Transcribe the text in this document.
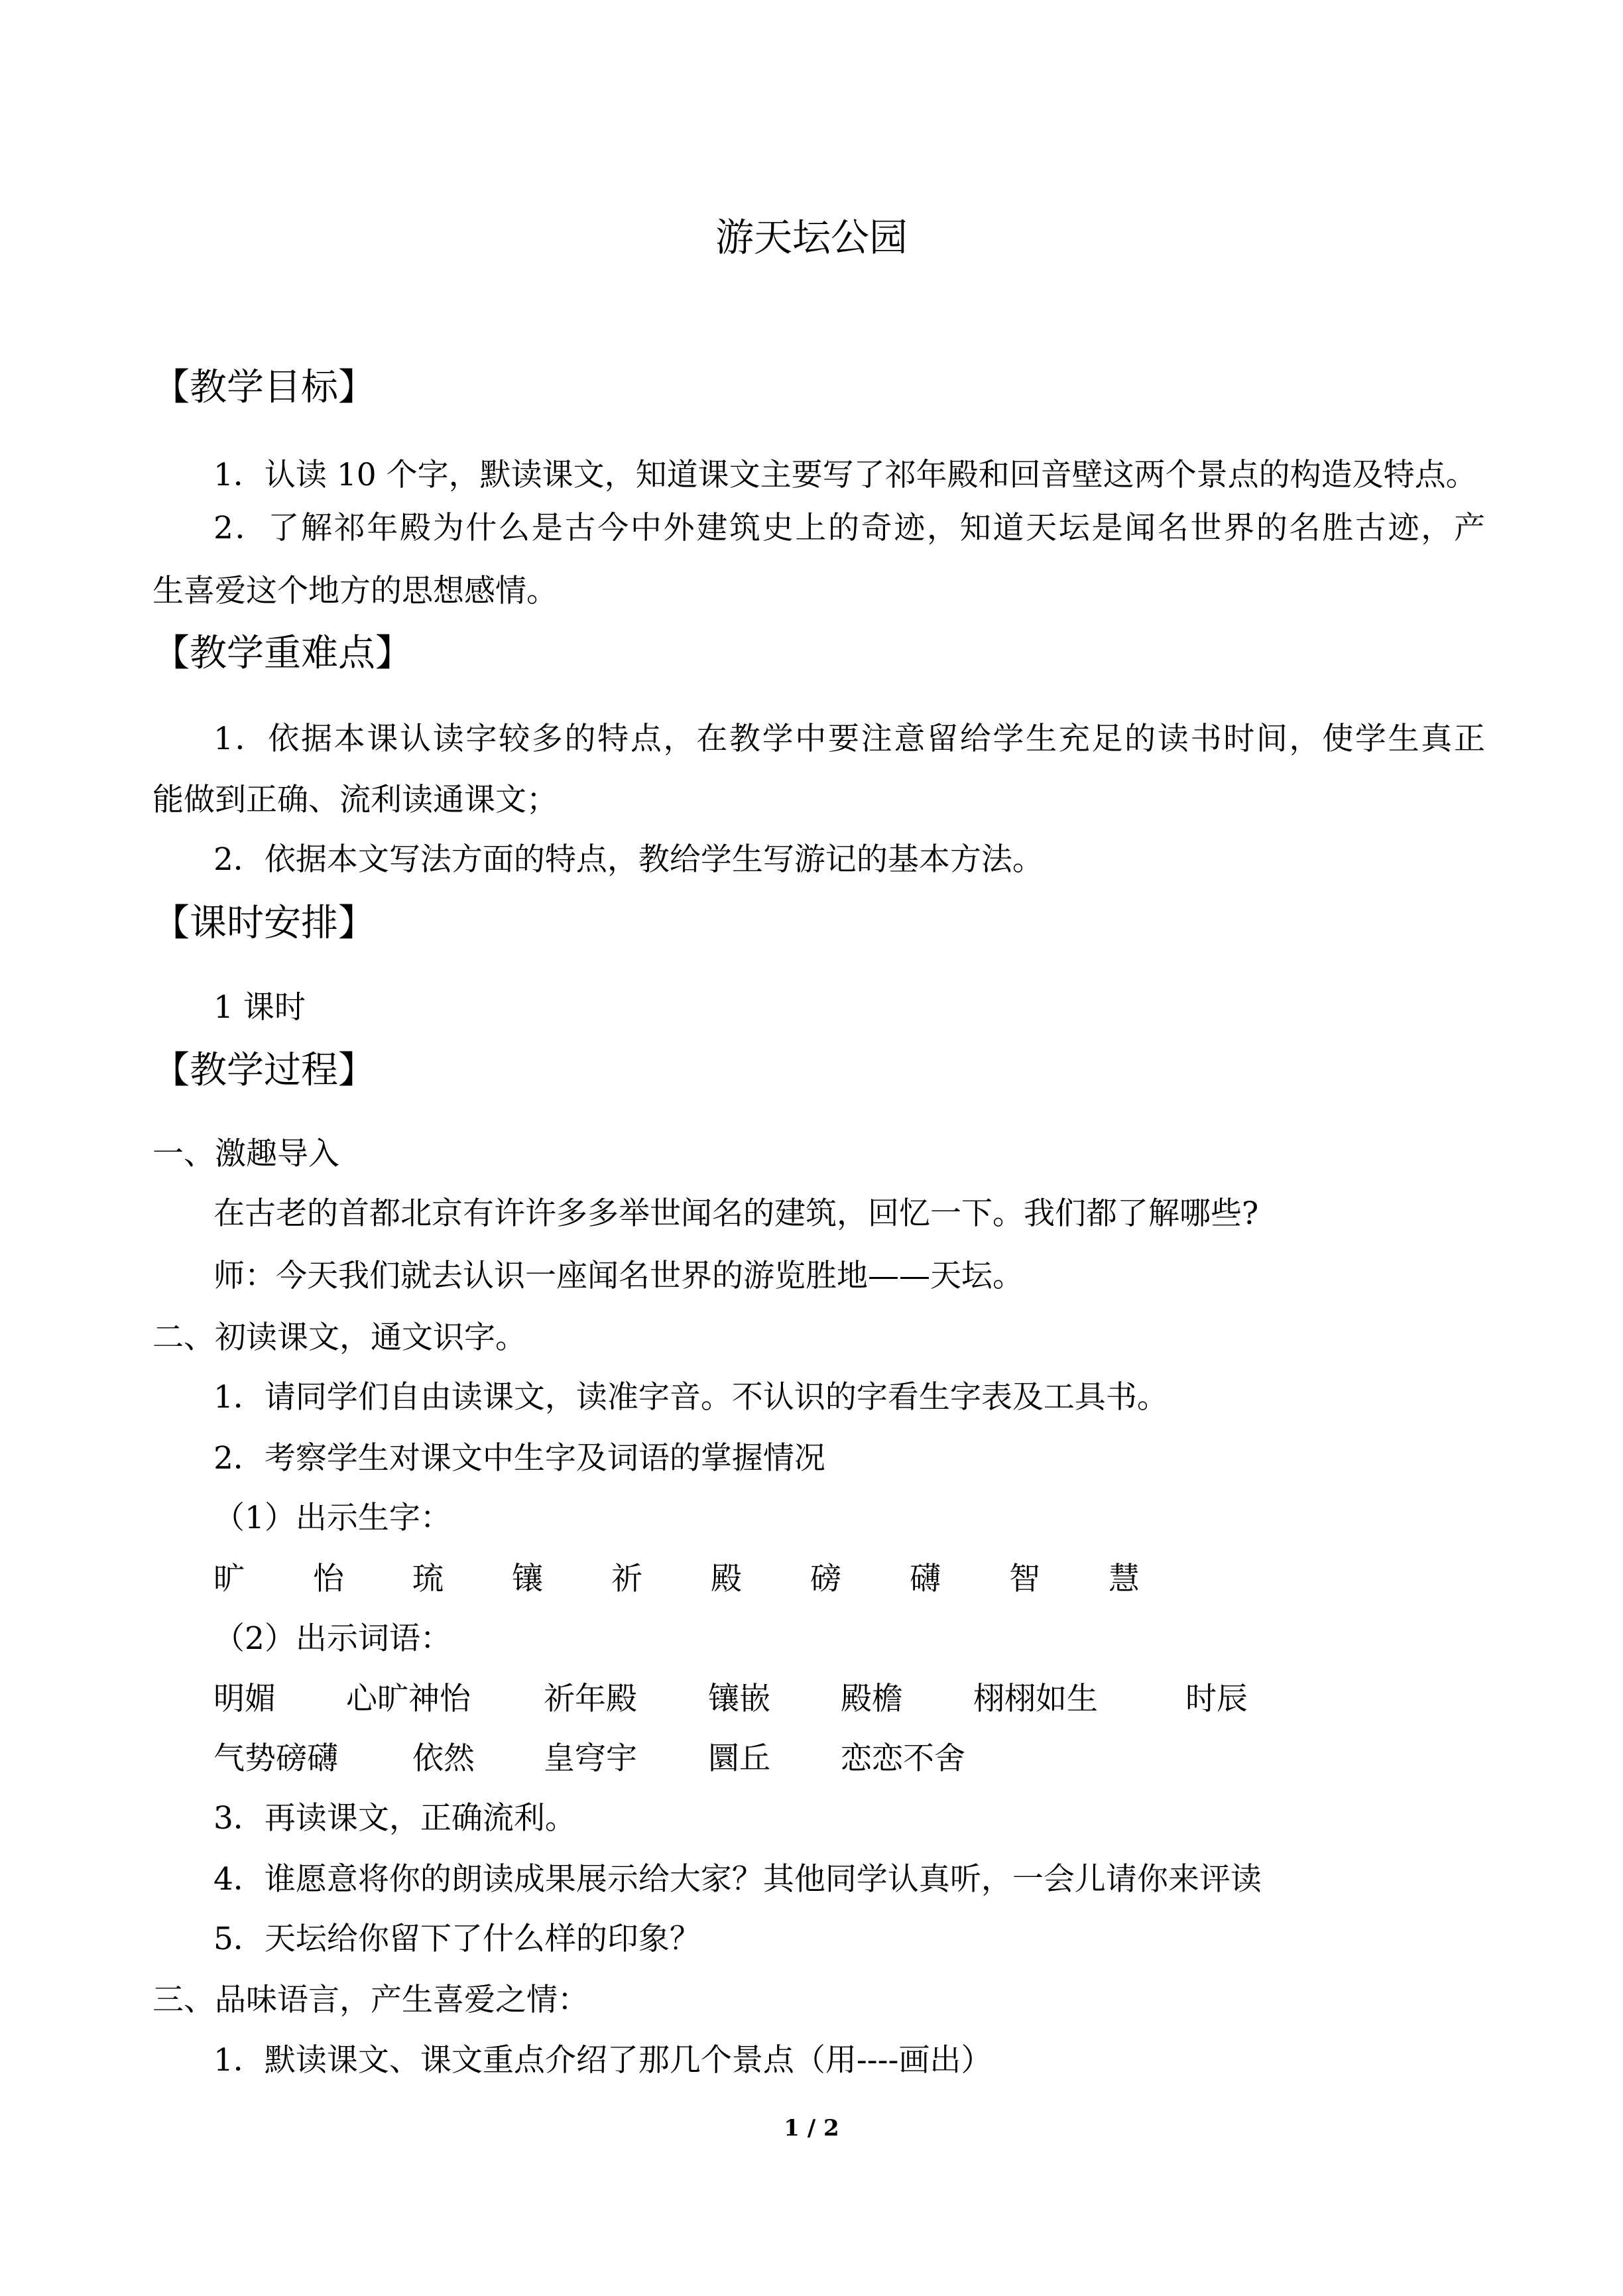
游天坛公园
【教学目标】
1．认读 10 个字，默读课文，知道课文主要写了祁年殿和回音壁这两个景点的构造及特点。
2．了解祁年殿为什么是古今中外建筑史上的奇迹，知道天坛是闻名世界的名胜古迹，产
生喜爱这个地方的思想感情。
【教学重难点】
1．依据本课认读字较多的特点，在教学中要注意留给学生充足的读书时间，使学生真正
能做到正确、流利读通课文；
2．依据本文写法方面的特点，教给学生写游记的基本方法。
【课时安排】
1 课时
【教学过程】
一、激趣导入
在古老的首都北京有许许多多举世闻名的建筑，回忆一下。我们都了解哪些?
师：今天我们就去认识一座闻名世界的游览胜地——天坛。
二、初读课文，通文识字。
1．请同学们自由读课文，读准字音。不认识的字看生字表及工具书。
2．考察学生对课文中生字及词语的掌握情况
（1）出示生字：
旷 怡 琉 镶 祈 殿 磅 礴 智 慧
（2）出示词语：
明媚 心旷神怡 祈年殿 镶嵌 殿檐 栩栩如生	时辰
气势磅礴 依然 皇穹宇 圜丘 恋恋不舍
3．再读课文，正确流利。
4．谁愿意将你的朗读成果展示给大家？其他同学认真听，一会儿请你来评读
5．天坛给你留下了什么样的印象？
三、品味语言，产生喜爱之情：
1．默读课文、课文重点介绍了那几个景点（用----画出）
1 / 2
